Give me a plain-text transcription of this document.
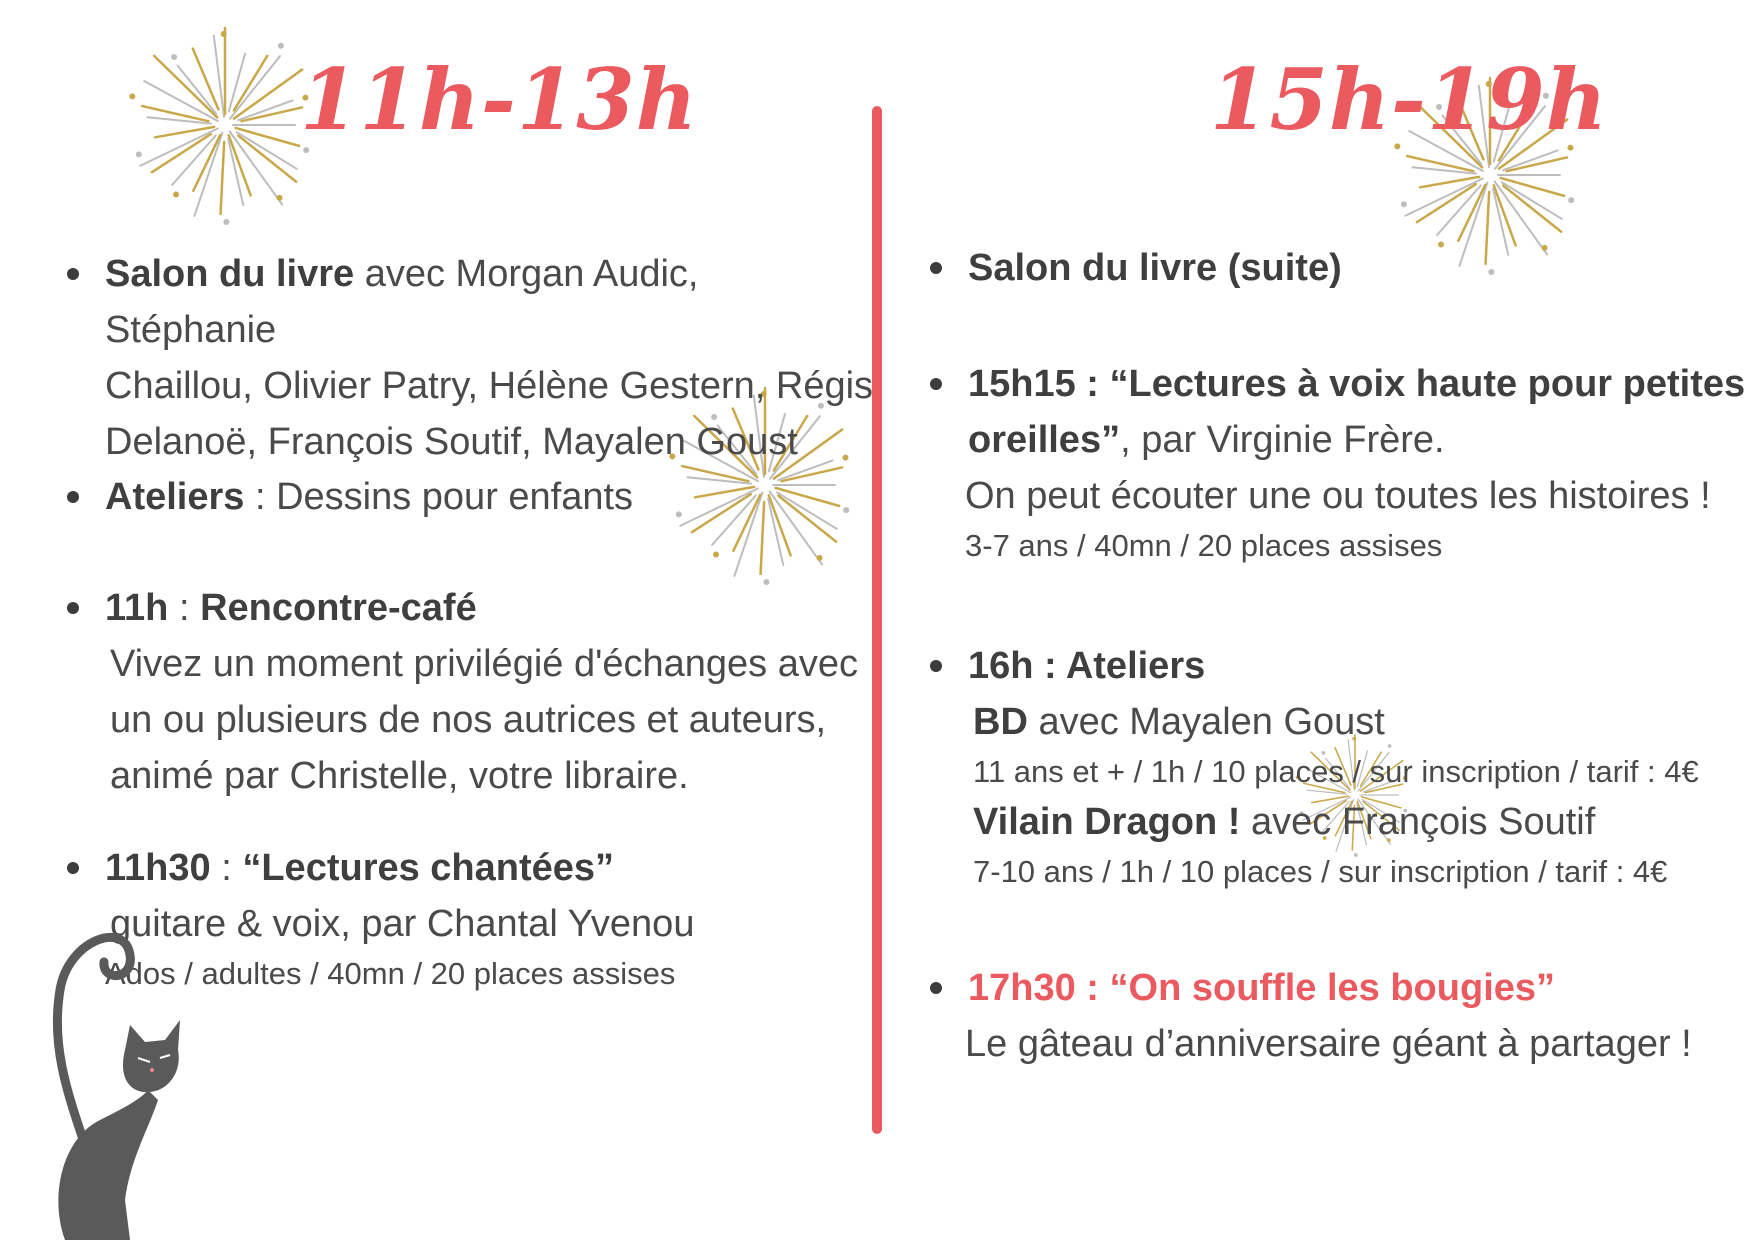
11h-13h
Salon du livre avec Morgan Audic, Stéphanie
Chaillou, Olivier Patry, Hélène Gestern, Régis
Delanoë, François Soutif, Mayalen Goust
Ateliers : Dessins pour enfants
11h : Rencontre-café
Vivez un moment privilégié d'échanges avec
un ou plusieurs de nos autrices et auteurs,
animé par Christelle, votre libraire.
11h30 : “Lectures chantées”
guitare & voix, par Chantal Yvenou
Ados / adultes / 40mn / 20 places assises
15h-19h
Salon du livre (suite)
15h15 : “Lectures à voix haute pour petites
oreilles”, par Virginie Frère.
On peut écouter une ou toutes les histoires !
3-7 ans / 40mn / 20 places assises
16h : Ateliers
BD avec Mayalen Goust
11 ans et + / 1h / 10 places / sur inscription / tarif : 4€
Vilain Dragon ! avec François Soutif
7-10 ans / 1h / 10 places / sur inscription / tarif : 4€
17h30 : “On souffle les bougies”
Le gâteau d’anniversaire géant à partager !
